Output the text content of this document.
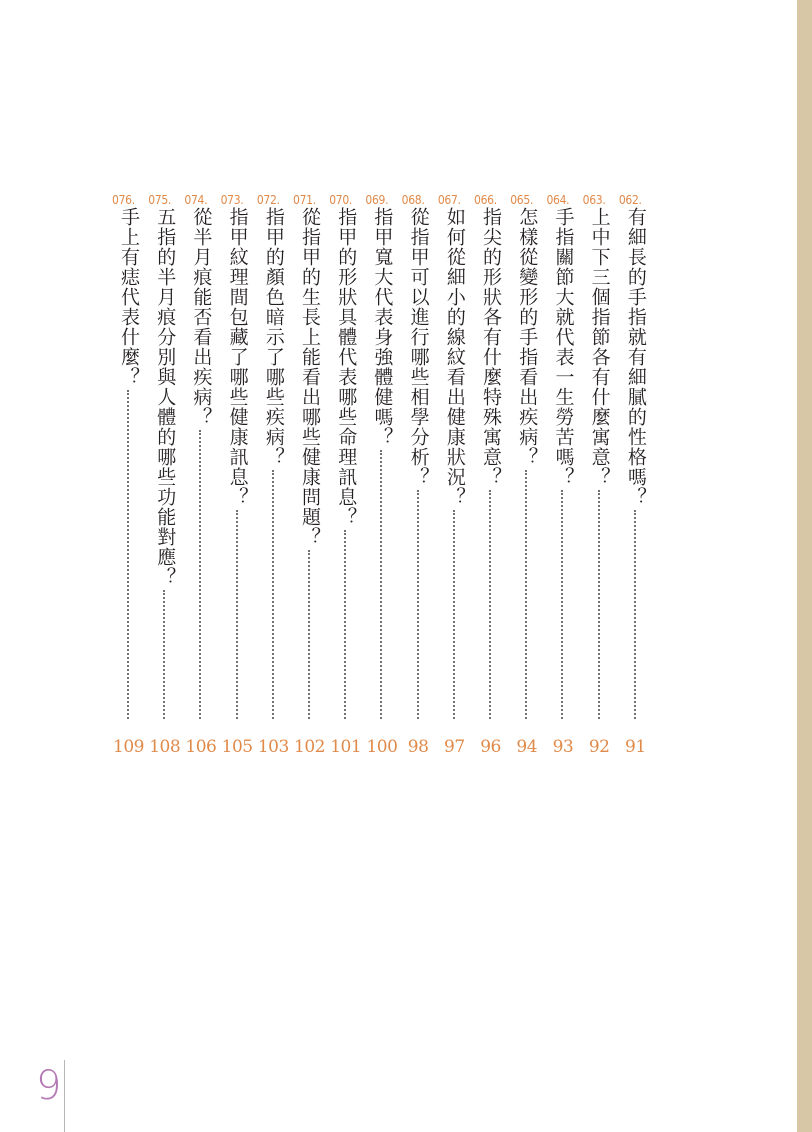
062.
有細長的手指就有細膩的性格嗎？
91
063.
上中下三個指節各有什麼寓意？
92
064.
手指關節大就代表一生勞苦嗎？
93
065.
怎樣從變形的手指看出疾病？
94
066.
指尖的形狀各有什麼特殊寓意？
96
067.
如何從細小的線紋看出健康狀況？
97
068.
從指甲可以進行哪些相學分析？
98
069.
指甲寬大代表身強體健嗎？
100
070.
指甲的形狀具體代表哪些命理訊息？
101
071.
從指甲的生長上能看出哪些健康問題？
102
072.
指甲的顏色暗示了哪些疾病？
103
073.
指甲紋理間包藏了哪些健康訊息？
105
074.
從半月痕能否看出疾病？
106
075.
五指的半月痕分別與人體的哪些功能對應？
108
076.
手上有痣代表什麼？
109
9
